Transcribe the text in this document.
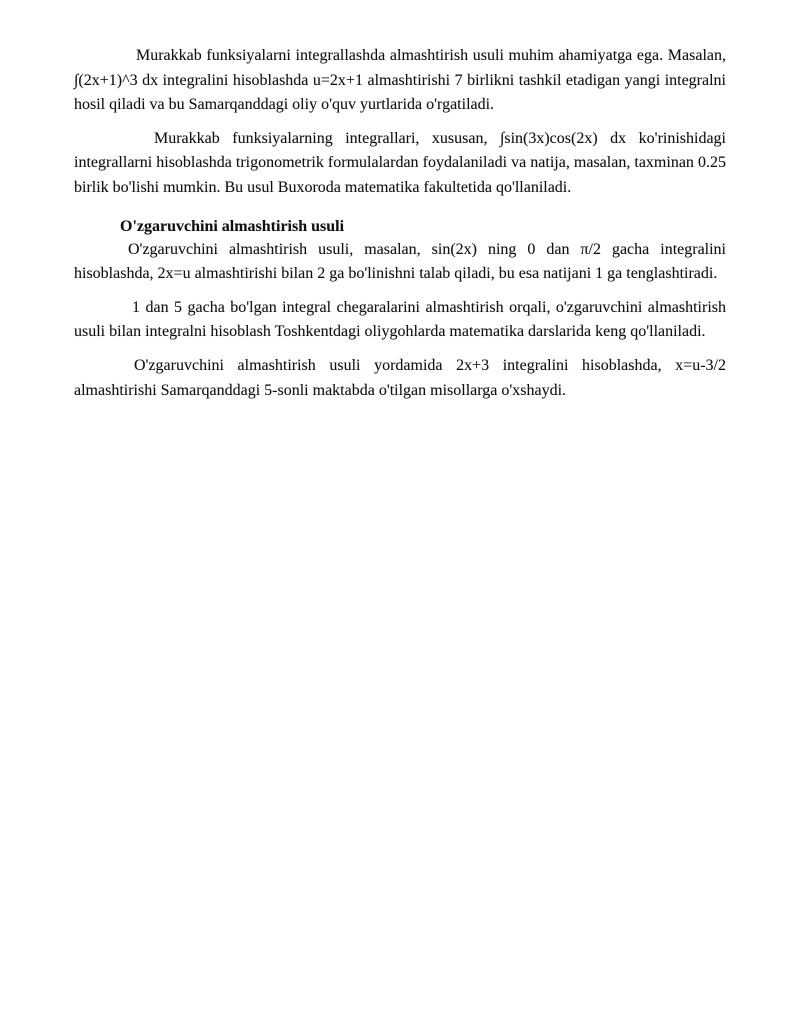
Murakkab funksiyalarni integrallashda almashtirish usuli muhim ahamiyatga ega. Masalan, ∫(2x+1)^3 dx integralini hisoblashda u=2x+1 almashtirishi 7 birlikni tashkil etadigan yangi integralni hosil qiladi va bu Samarqanddagi oliy o'quv yurtlarida o'rgatiladi.

Murakkab funksiyalarning integrallari, xususan, ∫sin(3x)cos(2x) dx ko'rinishidagi integrallarni hisoblashda trigonometrik formulalardan foydalaniladi va natija, masalan, taxminan 0.25 birlik bo'lishi mumkin. Bu usul Buxoroda matematika fakultetida qo'llaniladi.

O'zgaruvchini almashtirish usuli

O'zgaruvchini almashtirish usuli, masalan, sin(2x) ning 0 dan π/2 gacha integralini hisoblashda, 2x=u almashtirishi bilan 2 ga bo'linishni talab qiladi, bu esa natijani 1 ga tenglashtiradi.

1 dan 5 gacha bo'lgan integral chegaralarini almashtirish orqali, o'zgaruvchini almashtirish usuli bilan integralni hisoblash Toshkentdagi oliygohlarda matematika darslarida keng qo'llaniladi.

O'zgaruvchini almashtirish usuli yordamida 2x+3 integralini hisoblashda, x=u-3/2 almashtirishi Samarqanddagi 5-sonli maktabda o'tilgan misollarga o'xshaydi.
